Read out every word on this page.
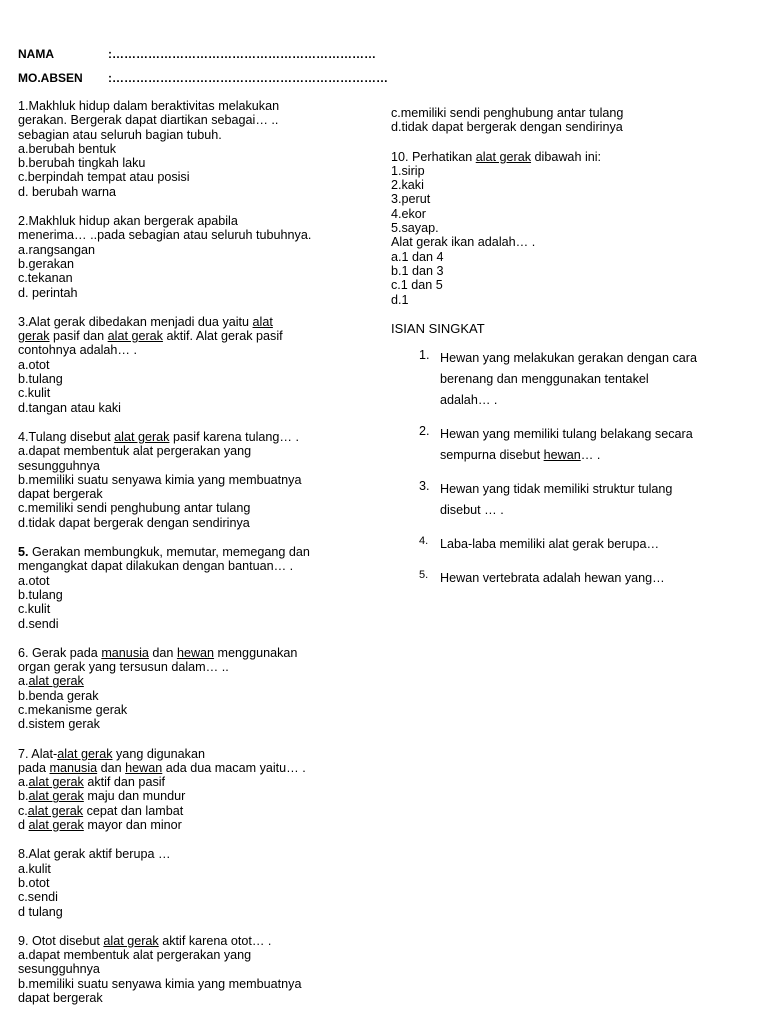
NAMA	:…………………………………………………………
MO.ABSEN :……………………………………………………………
1.Makhluk hidup dalam beraktivitas melakukan
gerakan. Bergerak dapat diartikan sebagai… ..
sebagian atau seluruh bagian tubuh.
a.berubah bentuk
b.berubah tingkah laku
c.berpindah tempat atau posisi
d. berubah warna
2.Makhluk hidup akan bergerak apabila
menerima… ..pada sebagian atau seluruh tubuhnya.
a.rangsangan
b.gerakan
c.tekanan
d. perintah
3.Alat gerak dibedakan menjadi dua yaitu alat
gerak pasif dan alat gerak aktif. Alat gerak pasif
contohnya adalah… .
a.otot
b.tulang
c.kulit
d.tangan atau kaki
4.Tulang disebut alat gerak pasif karena tulang… .
a.dapat membentuk alat pergerakan yang
sesungguhnya
b.memiliki suatu senyawa kimia yang membuatnya
dapat bergerak
c.memiliki sendi penghubung antar tulang
d.tidak dapat bergerak dengan sendirinya
5. Gerakan membungkuk, memutar, memegang dan
mengangkat dapat dilakukan dengan bantuan… .
a.otot
b.tulang
c.kulit
d.sendi
6. Gerak pada manusia dan hewan menggunakan
organ gerak yang tersusun dalam… ..
a.alat gerak
b.benda gerak
c.mekanisme gerak
d.sistem gerak
7. Alat-alat gerak yang digunakan
pada manusia dan hewan ada dua macam yaitu… .
a.alat gerak aktif dan pasif
b.alat gerak maju dan mundur
c.alat gerak cepat dan lambat
d alat gerak mayor dan minor
8.Alat gerak aktif berupa …
a.kulit
b.otot
c.sendi
d tulang
9. Otot disebut alat gerak aktif karena otot… .
a.dapat membentuk alat pergerakan yang
sesungguhnya
b.memiliki suatu senyawa kimia yang membuatnya
dapat bergerak
c.memiliki sendi penghubung antar tulang
d.tidak dapat bergerak dengan sendirinya
10. Perhatikan alat gerak dibawah ini:
1.sirip
2.kaki
3.perut
4.ekor
5.sayap.
Alat gerak ikan adalah… .
a.1 dan 4
b.1 dan 3
c.1 dan 5
d.1
ISIAN SINGKAT
1. Hewan yang melakukan gerakan dengan cara
berenang dan menggunakan tentakel
adalah… .
2. Hewan yang memiliki tulang belakang secara
sempurna disebut hewan… .
3. Hewan yang tidak memiliki struktur tulang
disebut … .
4. Laba-laba memiliki alat gerak berupa…
5. Hewan vertebrata adalah hewan yang…
